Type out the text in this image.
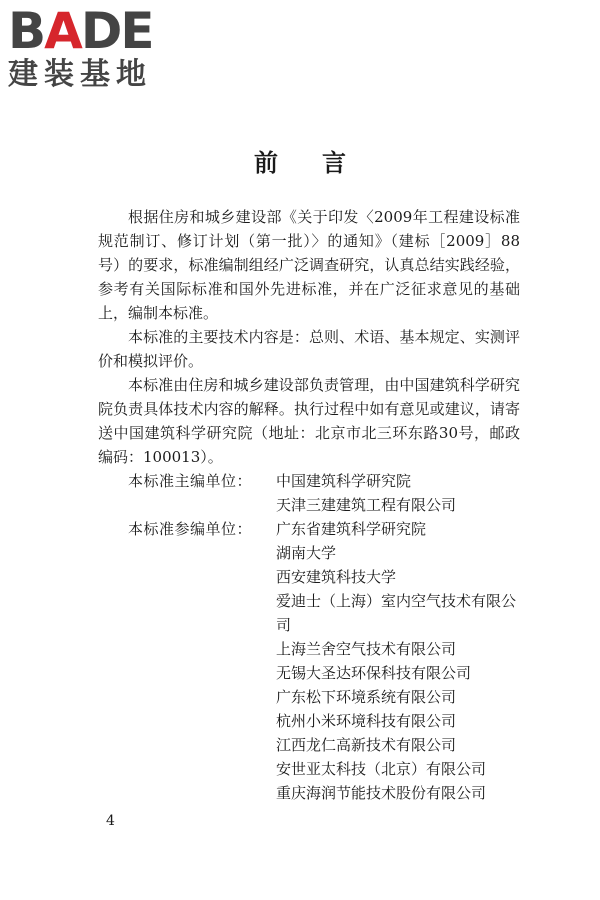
BADE
建装基地
前言

根据住房和城乡建设部《关于印发〈2009年工程建设标准规范制订、修订计划（第一批）〉的通知》（建标［2009］88号）的要求，标准编制组经广泛调查研究，认真总结实践经验，参考有关国际标准和国外先进标准，并在广泛征求意见的基础上，编制本标准。

本标准的主要技术内容是：总则、术语、基本规定、实测评价和模拟评价。

本标准由住房和城乡建设部负责管理，由中国建筑科学研究院负责具体技术内容的解释。执行过程中如有意见或建议，请寄送中国建筑科学研究院（地址：北京市北三环东路30号，邮政编码：100013）。

本标准主编单位：	中国建筑科学研究院
天津三建建筑工程有限公司
本标准参编单位：	广东省建筑科学研究院
湖南大学
西安建筑科技大学
爱迪士（上海）室内空气技术有限公司
上海兰舍空气技术有限公司
无锡大圣达环保科技有限公司
广东松下环境系统有限公司
杭州小米环境科技有限公司
江西龙仁高新技术有限公司
安世亚太科技（北京）有限公司
重庆海润节能技术股份有限公司
4
